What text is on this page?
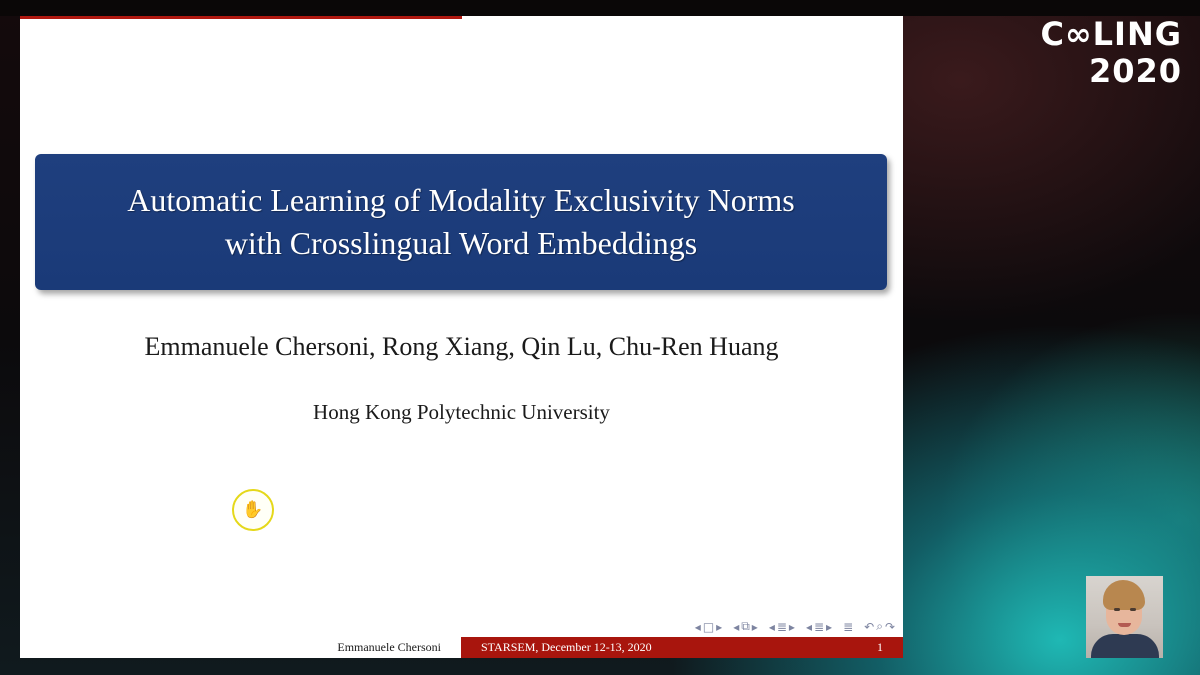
Automatic Learning of Modality Exclusivity Norms
with Crosslingual Word Embeddings
Emmanuele Chersoni, Rong Xiang, Qin Lu, Chu-Ren Huang
Hong Kong Polytechnic University
✋
◂ □ ▸ ◂ ⧉ ▸ ◂ ≣ ▸ ◂ ≣ ▸ ≣ ↶ ⌕ ↷
Emmanuele Chersoni	STARSEM, December 12-13, 2020	1
C∞LING
2020
